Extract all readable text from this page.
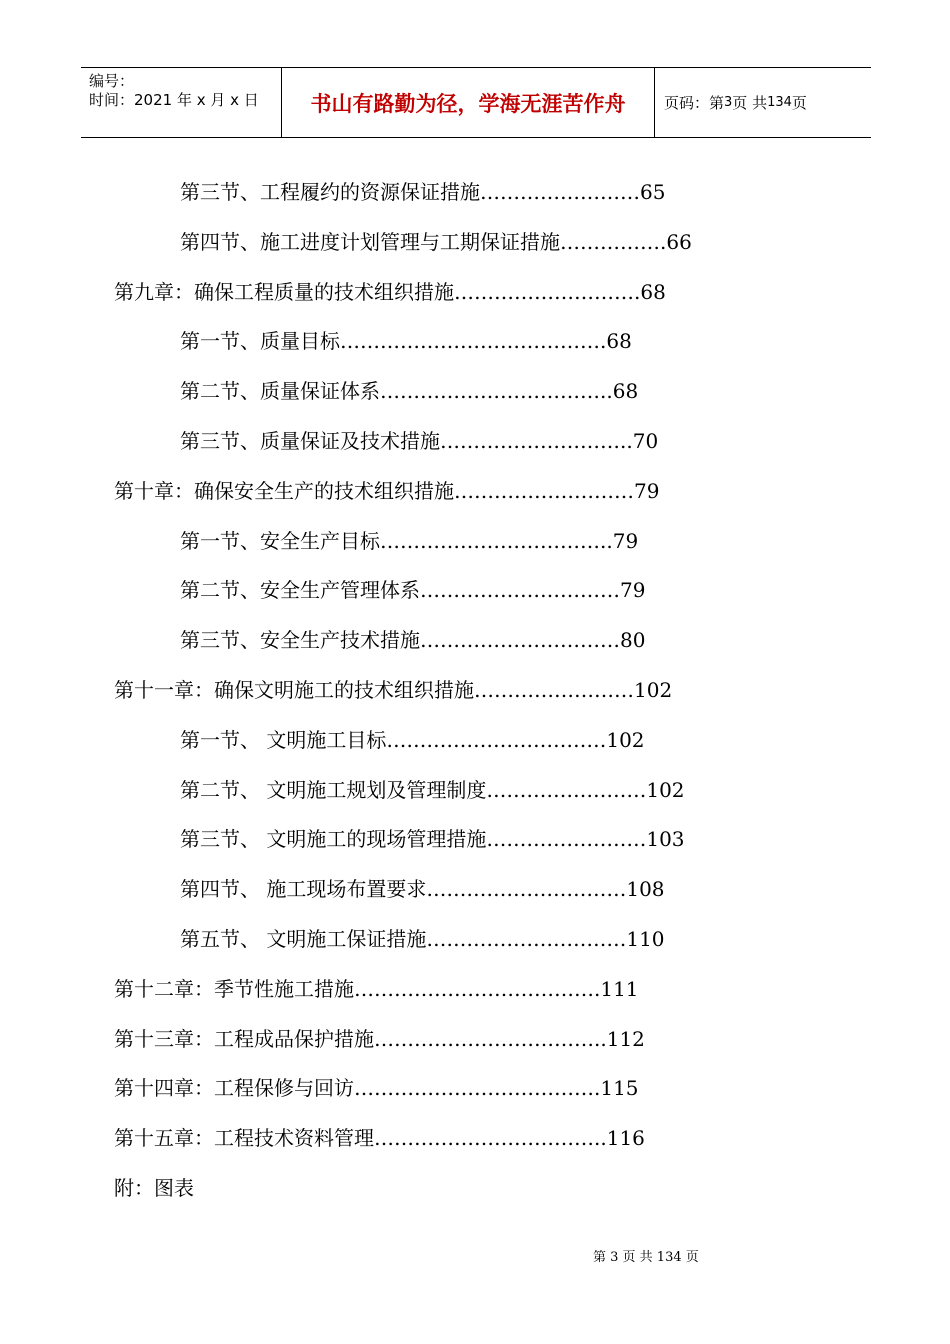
编号：
时间：2021 年 x 月 x 日	书山有路勤为径，学海无涯苦作舟	页码：第 3 页 共 134 页
第三节、工程履约的资源保证措施……………………65
第四节、施工进度计划管理与工期保证措施…………….66
第九章：确保工程质量的技术组织措施……………………….68
第一节、质量目标………………………………….68
第二节、质量保证体系……………………………..68
第三节、质量保证及技术措施………………………..70
第十章：确保安全生产的技术组织措施………………………79
第一节、安全生产目标……………………………..79
第二节、安全生产管理体系…………………………79
第三节、安全生产技术措施…………………………80
第十一章：确保文明施工的技术组织措施……………………102
第一节、 文明施工目标……………………………102
第二节、 文明施工规划及管理制度……………………102
第三节、 文明施工的现场管理措施……………………103
第四节、 施工现场布置要求…………………………108
第五节、 文明施工保证措施…………………………110
第十二章：季节性施工措施……………………………….111
第十三章：工程成品保护措施……………………………..112
第十四章：工程保修与回访……………………………….115
第十五章：工程技术资料管理……………………………..116
附：图表
第 3 页 共 134 页
